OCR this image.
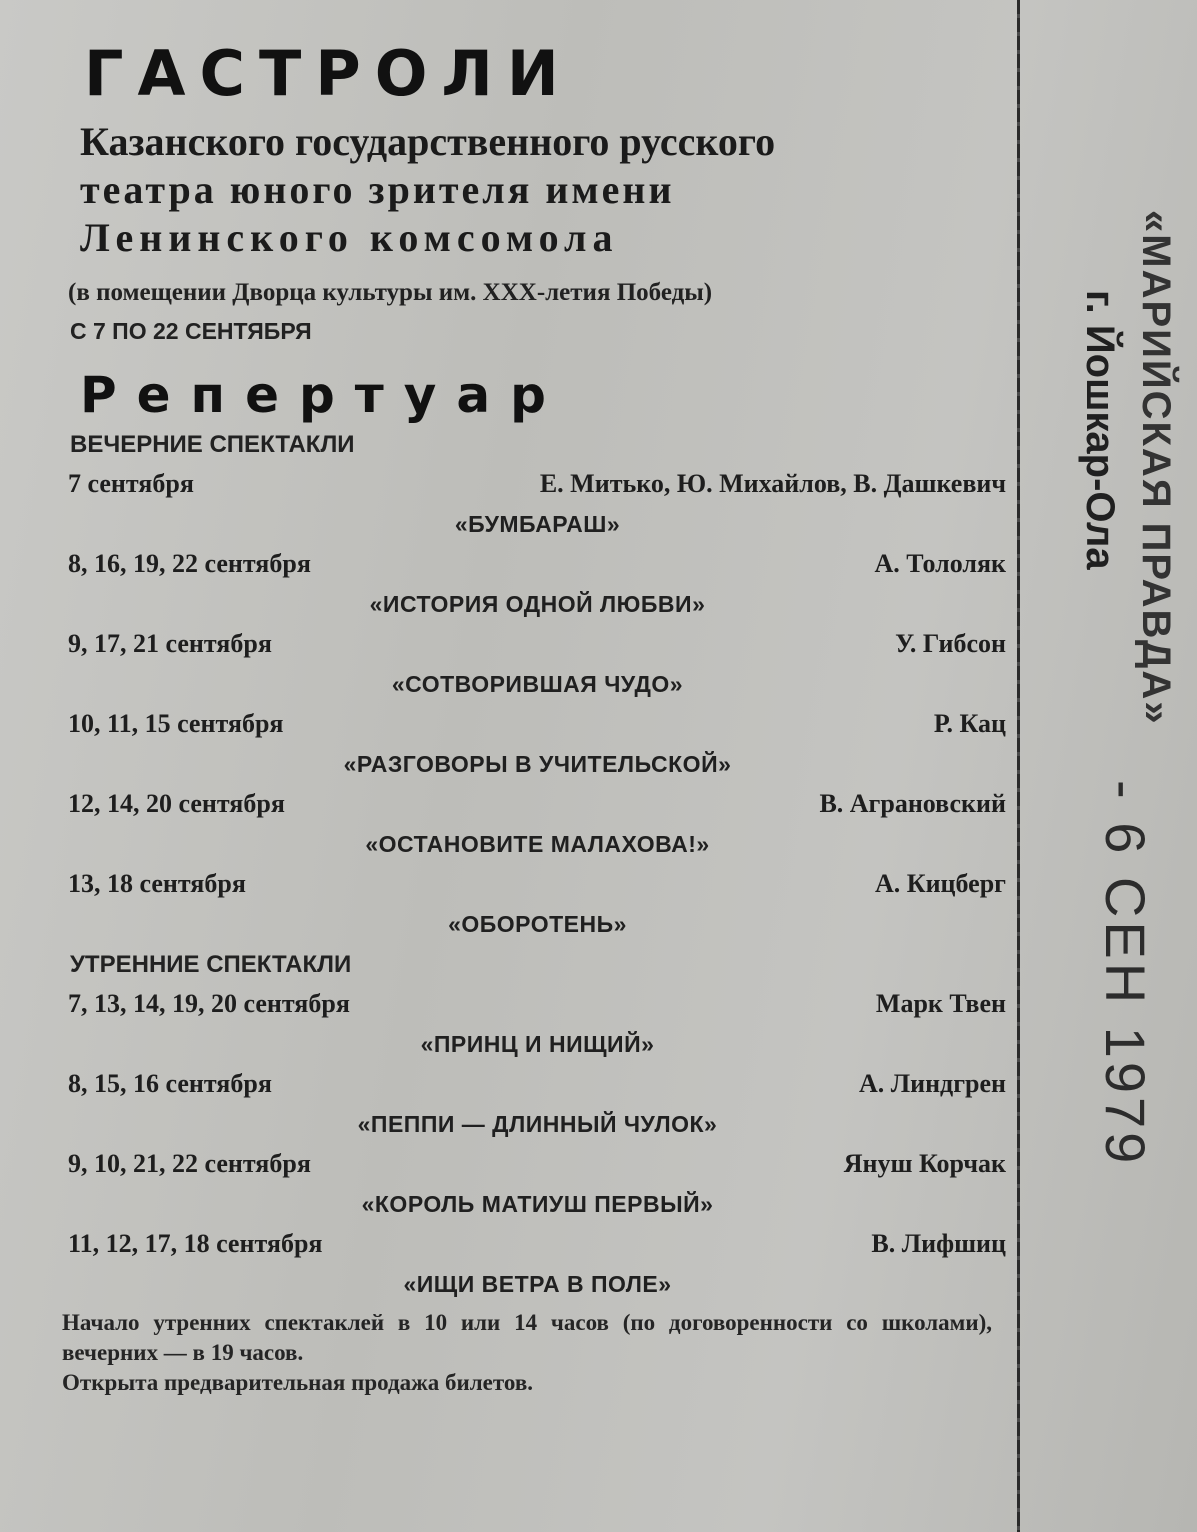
ГАСТРОЛИ
Казанского государственного русского
театра юного зрителя имени
Ленинского комсомола
(в помещении Дворца культуры им. XXX-летия Победы)
С 7 ПО 22 СЕНТЯБРЯ
Репертуар
ВЕЧЕРНИЕ СПЕКТАКЛИ
7 сентября	Е. Митько, Ю. Михайлов, В. Дашкевич
«БУМБАРАШ»
8, 16, 19, 22 сентября	А. Тололяк
«ИСТОРИЯ ОДНОЙ ЛЮБВИ»
9, 17, 21 сентября	У. Гибсон
«СОТВОРИВШАЯ ЧУДО»
10, 11, 15 сентября	Р. Кац
«РАЗГОВОРЫ В УЧИТЕЛЬСКОЙ»
12, 14, 20 сентября	В. Аграновский
«ОСТАНОВИТЕ МАЛАХОВА!»
13, 18 сентября	А. Кицберг
«ОБОРОТЕНЬ»
УТРЕННИЕ СПЕКТАКЛИ
7, 13, 14, 19, 20 сентября	Марк Твен
«ПРИНЦ И НИЩИЙ»
8, 15, 16 сентября	А. Линдгрен
«ПЕППИ — ДЛИННЫЙ ЧУЛОК»
9, 10, 21, 22 сентября	Януш Корчак
«КОРОЛЬ МАТИУШ ПЕРВЫЙ»
11, 12, 17, 18 сентября	В. Лифшиц
«ИЩИ ВЕТРА В ПОЛЕ»

Начало утренних спектаклей в 10 или 14 часов (по договоренности со школами), вечерних — в 19 часов.

Открыта предварительная продажа билетов.

«МАРИЙСКАЯ ПРАВДА»
г. Йошкар-Ола
- 6 СЕН 1979
